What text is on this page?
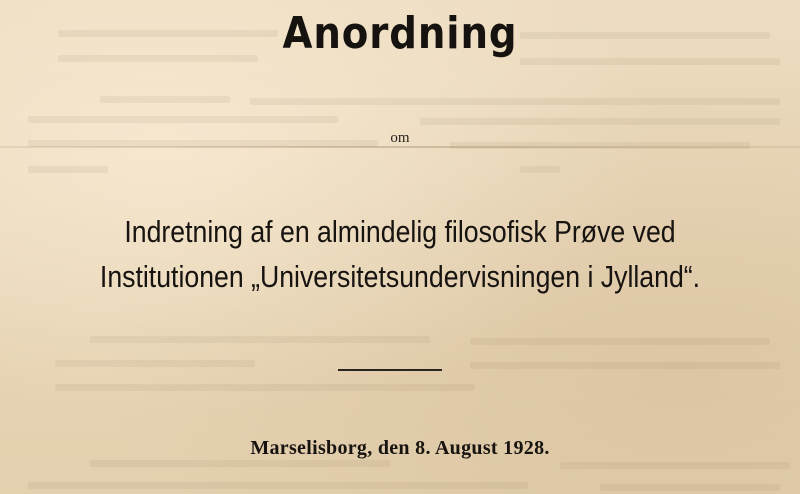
Anordning
om
Indretning af en almindelig filosofisk Prøve ved
Institutionen „Universitetsundervisningen i Jylland“.
Marselisborg, den 8. August 1928.
